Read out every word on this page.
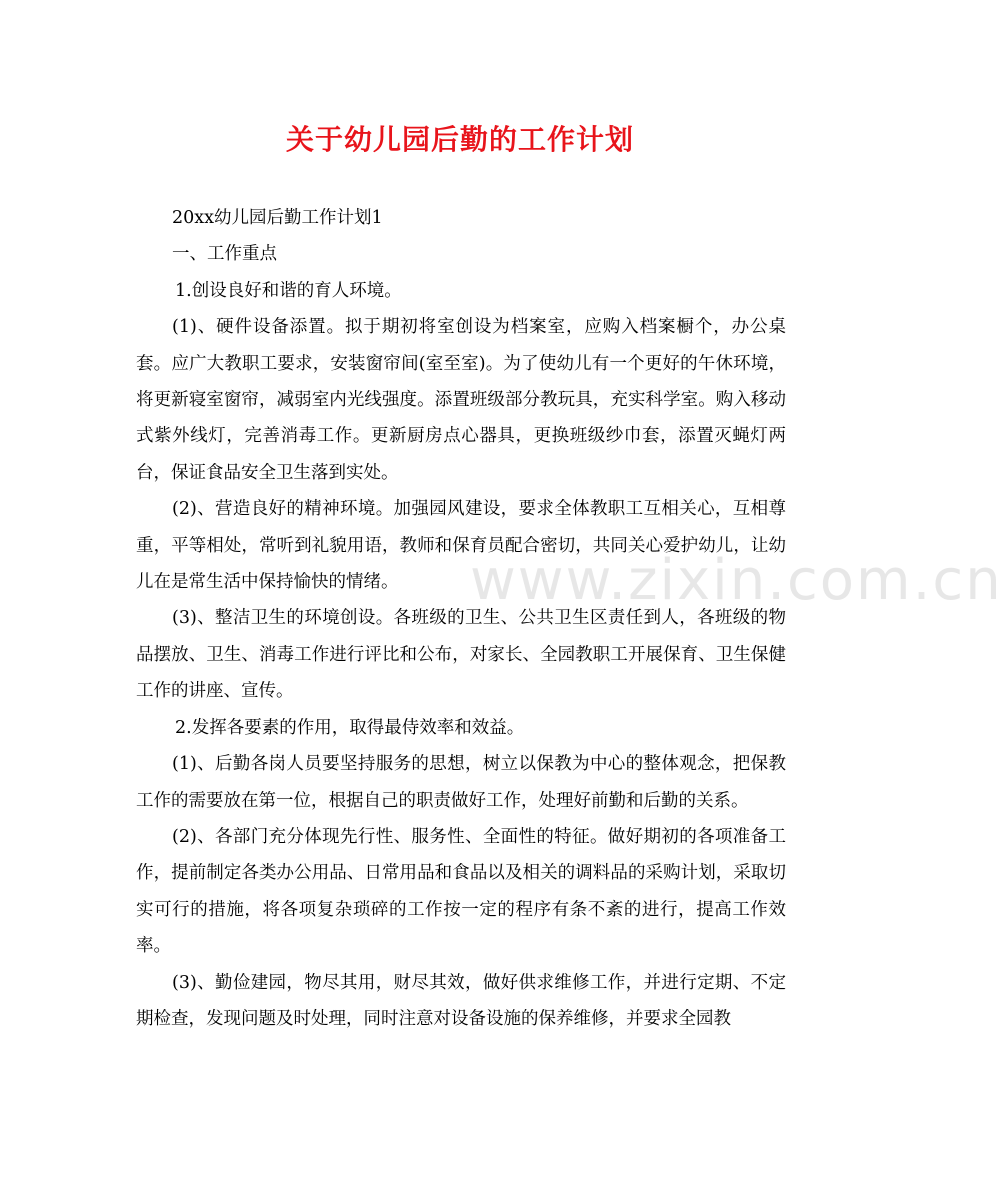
关于幼儿园后勤的工作计划

20xx幼儿园后勤工作计划1

一、工作重点

1.创设良好和谐的育人环境。

(1)、硬件设备添置。拟于期初将室创设为档案室，应购入档案橱个，办公桌套。应广大教职工要求，安装窗帘间(室至室)。为了使幼儿有一个更好的午休环境，将更新寝室窗帘，减弱室内光线强度。添置班级部分教玩具，充实科学室。购入移动式紫外线灯，完善消毒工作。更新厨房点心器具，更换班级纱巾套，添置灭蝇灯两台，保证食品安全卫生落到实处。

(2)、营造良好的精神环境。加强园风建设，要求全体教职工互相关心，互相尊重，平等相处，常听到礼貌用语，教师和保育员配合密切，共同关心爱护幼儿，让幼儿在是常生活中保持愉快的情绪。

(3)、整洁卫生的环境创设。各班级的卫生、公共卫生区责任到人，各班级的物品摆放、卫生、消毒工作进行评比和公布，对家长、全园教职工开展保育、卫生保健工作的讲座、宣传。

2.发挥各要素的作用，取得最侍效率和效益。

(1)、后勤各岗人员要坚持服务的思想，树立以保教为中心的整体观念，把保教工作的需要放在第一位，根据自己的职责做好工作，处理好前勤和后勤的关系。

(2)、各部门充分体现先行性、服务性、全面性的特征。做好期初的各项准备工作，提前制定各类办公用品、日常用品和食品以及相关的调料品的采购计划，采取切实可行的措施，将各项复杂琐碎的工作按一定的程序有条不紊的进行，提高工作效率。

(3)、勤俭建园，物尽其用，财尽其效，做好供求维修工作，并进行定期、不定期检查，发现问题及时处理，同时注意对设备设施的保养维修，并要求全园教

www.zixin.com.cn
